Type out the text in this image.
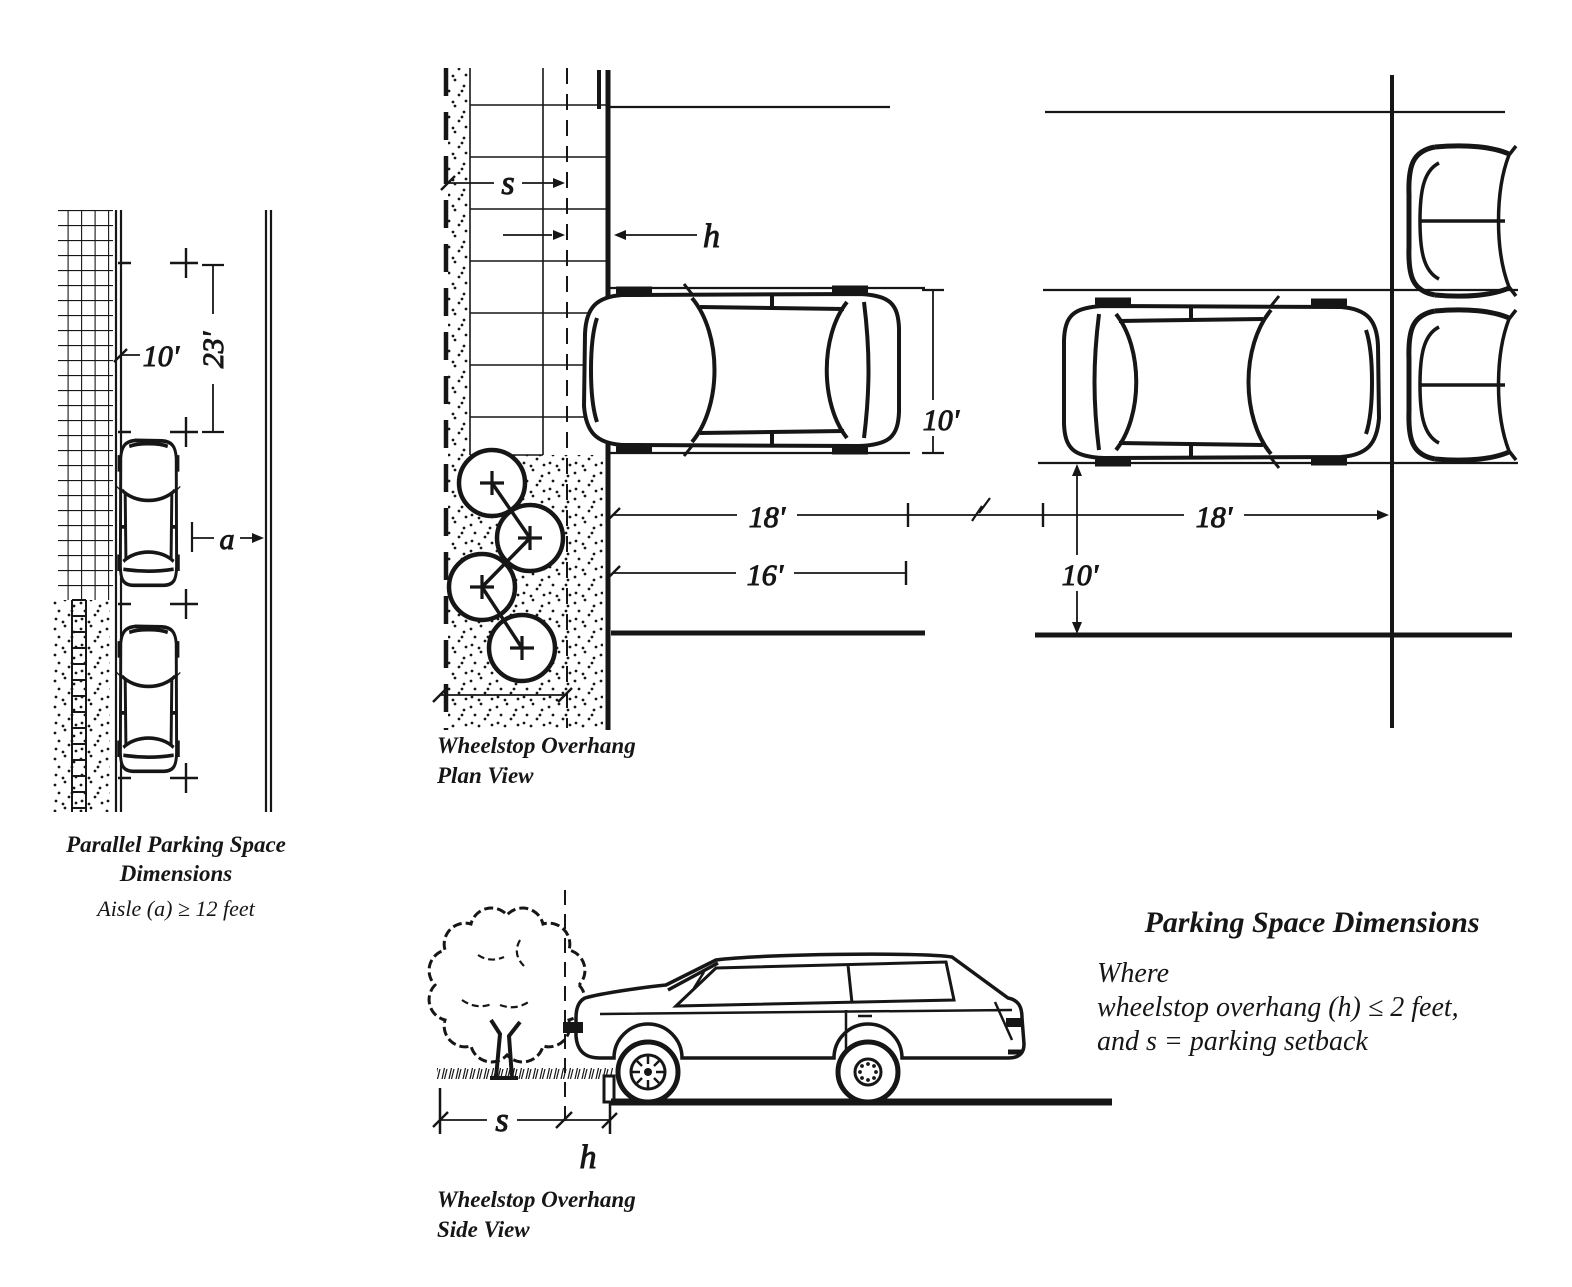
10' 23'
a
Parallel Parking Space
Dimensions
Aisle (a) ≥ 12 feet
s
h
10'
18'	18'
16'	10'
Wheelstop Overhang
Plan View
s
h
Wheelstop Overhang
Side View
Parking Space Dimensions
Where
wheelstop overhang (h) ≤ 2 feet,
and s = parking setback
